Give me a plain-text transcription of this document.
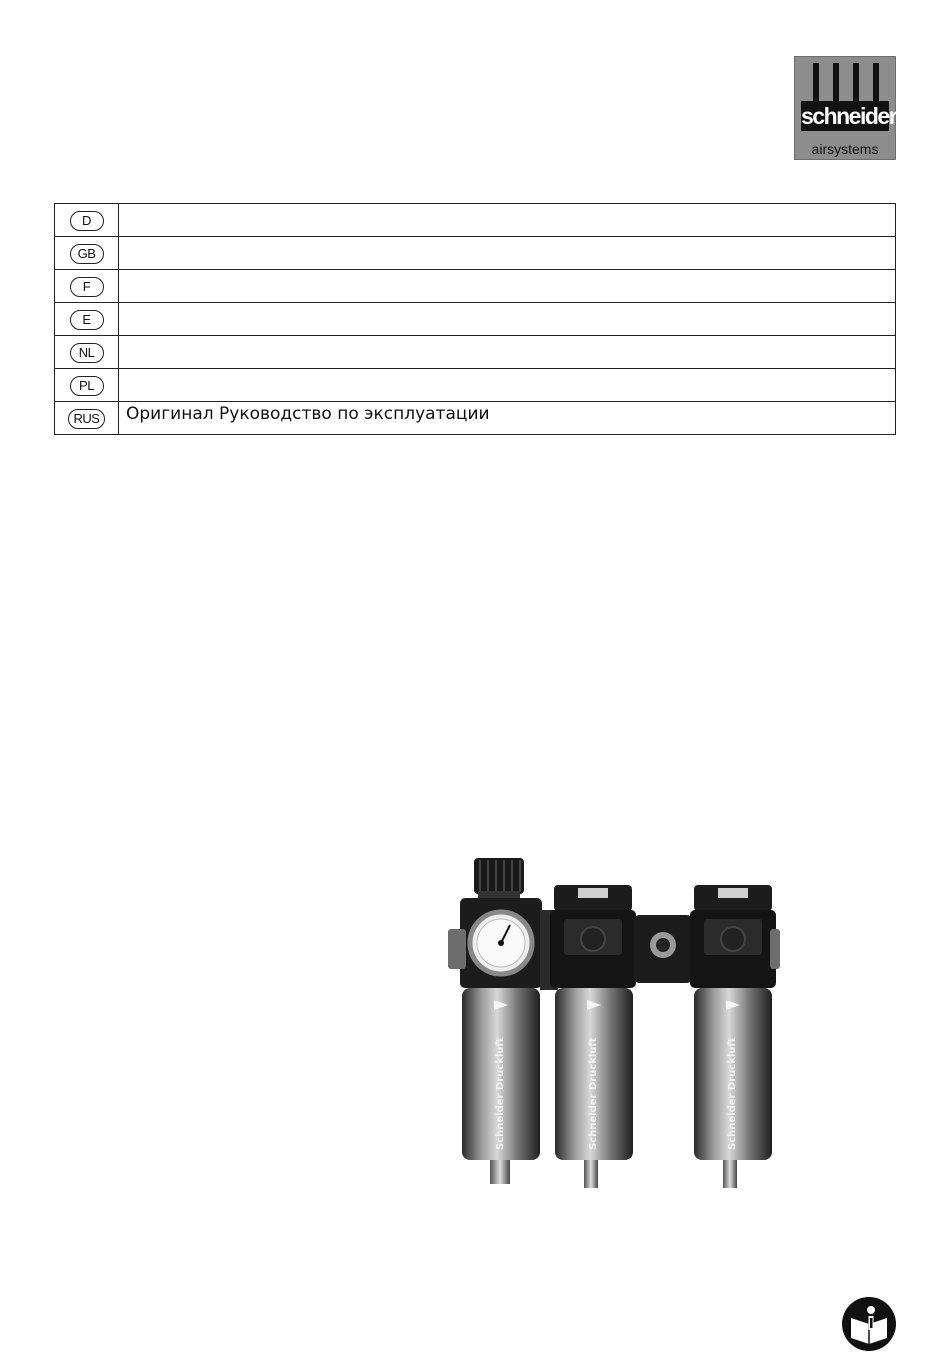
schneider
airsystems
D	
GB	
F	
E	
NL	
PL	
RUS	Оригинал Руководство по эксплуатации
Schneider Druckluft	Schneider Druckluft	Schneider Druckluft
